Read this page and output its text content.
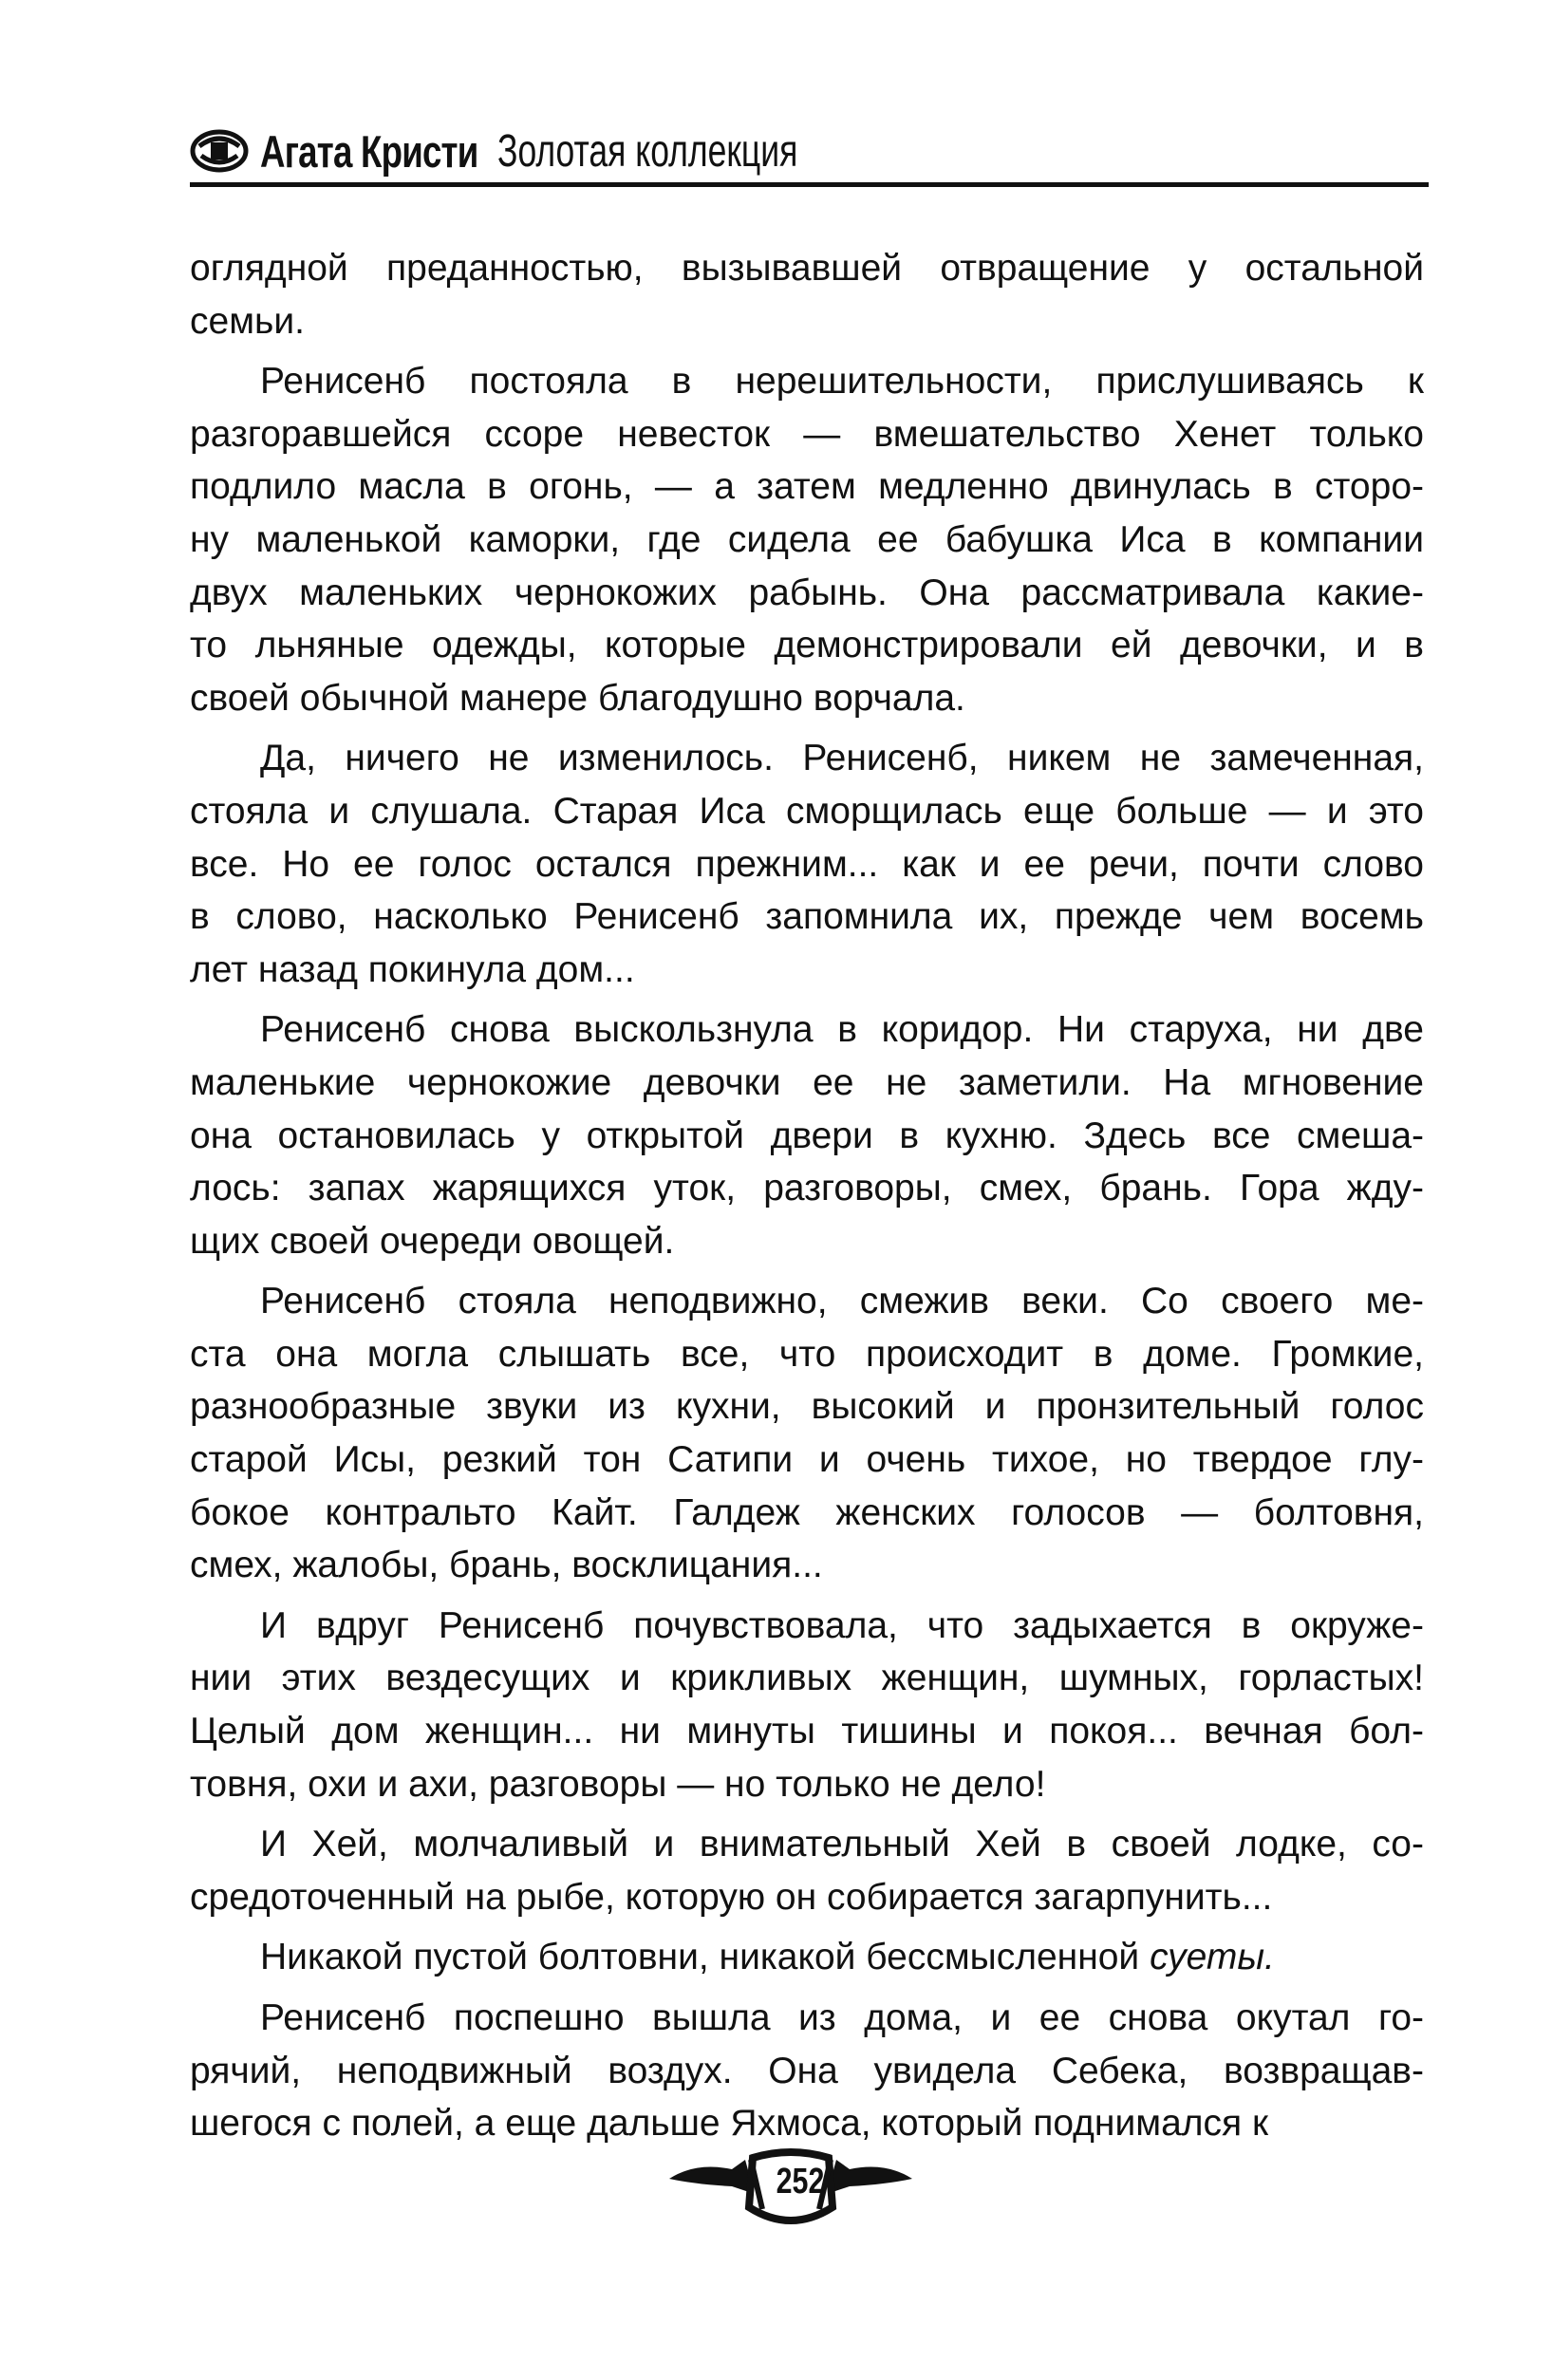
Агата Кристи Золотая коллекция
оглядной преданностью, вызывавшей отвращение у остальной
семьи.
Ренисенб постояла в нерешительности, прислушиваясь к
разгоравшейся ссоре невесток — вмешательство Хенет только
подлило масла в огонь, — а затем медленно двинулась в сторо-
ну маленькой каморки, где сидела ее бабушка Иса в компании
двух маленьких чернокожих рабынь. Она рассматривала какие-
то льняные одежды, которые демонстрировали ей девочки, и в
своей обычной манере благодушно ворчала.
Да, ничего не изменилось. Ренисенб, никем не замеченная,
стояла и слушала. Старая Иса сморщилась еще больше — и это
все. Но ее голос остался прежним... как и ее речи, почти слово
в слово, насколько Ренисенб запомнила их, прежде чем восемь
лет назад покинула дом...
Ренисенб снова выскользнула в коридор. Ни старуха, ни две
маленькие чернокожие девочки ее не заметили. На мгновение
она остановилась у открытой двери в кухню. Здесь все смеша-
лось: запах жарящихся уток, разговоры, смех, брань. Гора жду-
щих своей очереди овощей.
Ренисенб стояла неподвижно, смежив веки. Со своего ме-
ста она могла слышать все, что происходит в доме. Громкие,
разнообразные звуки из кухни, высокий и пронзительный голос
старой Исы, резкий тон Сатипи и очень тихое, но твердое глу-
бокое контральто Кайт. Галдеж женских голосов — болтовня,
смех, жалобы, брань, восклицания...
И вдруг Ренисенб почувствовала, что задыхается в окруже-
нии этих вездесущих и крикливых женщин, шумных, горластых!
Целый дом женщин... ни минуты тишины и покоя... вечная бол-
товня, охи и ахи, разговоры — но только не дело!
И Хей, молчаливый и внимательный Хей в своей лодке, со-
средоточенный на рыбе, которую он собирается загарпунить...
Никакой пустой болтовни, никакой бессмысленной суеты.
Ренисенб поспешно вышла из дома, и ее снова окутал го-
рячий, неподвижный воздух. Она увидела Себека, возвращав-
шегося с полей, а еще дальше Яхмоса, который поднимался к
252
